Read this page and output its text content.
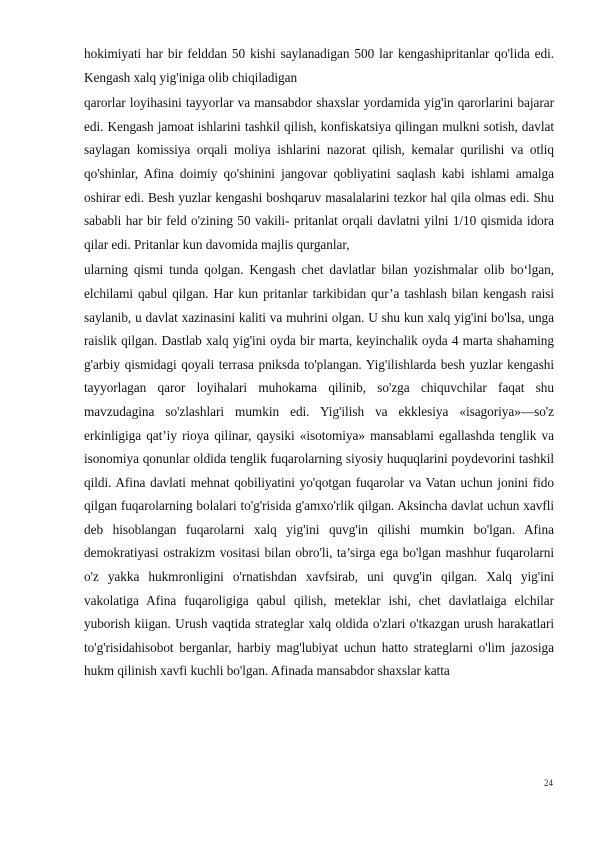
hokimiyati har bir felddan 50 kishi saylanadigan 500 lar kengashipritanlar qo'lida edi. Kengash xalq yig'iniga olib chiqiladigan

qarorlar loyihasini tayyorlar va mansabdor shaxslar yordamida yig'in qarorlarini bajarar edi. Kengash jamoat ishlarini tashkil qilish, konfiskatsiya qilingan mulkni sotish, davlat saylagan komissiya orqali moliya ishlarini nazorat qilish, kemalar qurilishi va otliq qo'shinlar, Afina doimiy qo'shinini jangovar qobliyatini saqlash kabi ishlami amalga oshirar edi. Besh yuzlar kengashi boshqaruv masalalarini tezkor hal qila olmas edi. Shu sababli har bir feld o'zining 50 vakili- pritanlat orqali davlatni yilni 1/10 qismida idora qilar edi. Pritanlar kun davomida majlis qurganlar,

ularning qismi tunda qolgan. Kengash chet davlatlar bilan yozishmalar olib bo‘lgan, elchilami qabul qilgan. Har kun pritanlar tarkibidan qur’a tashlash bilan kengash raisi saylanib, u davlat xazinasini kaliti va muhrini olgan. U shu kun xalq yig'ini bo'lsa, unga raislik qilgan. Dastlab xalq yig'ini oyda bir marta, keyinchalik oyda 4 marta shahaming g'arbiy qismidagi qoyali terrasa pniksda to'plangan. Yig'ilishlarda besh yuzlar kengashi tayyorlagan qaror loyihalari muhokama qilinib, so'zga chiquvchilar faqat shu mavzudagina so'zlashlari mumkin edi. Yig'ilish va ekklesiya «isagoriya»—so'z erkinligiga qat’iy rioya qilinar, qaysiki «isotomiya» mansablami egallashda tenglik va isonomiya qonunlar oldida tenglik fuqarolarning siyosiy huquqlarini poydevorini tashkil qildi. Afina davlati mehnat qobiliyatini yo'qotgan fuqarolar va Vatan uchun jonini fido qilgan fuqarolarning bolalari to'g'risida g'amxo'rlik qilgan. Aksincha davlat uchun xavfli deb hisoblangan fuqarolarni xalq yig'ini quvg'in qilishi mumkin bo'lgan. Afina demokratiyasi ostrakizm vositasi bilan obro'li, ta’sirga ega bo'lgan mashhur fuqarolarni o'z yakka hukmronligini o'rnatishdan xavfsirab, uni quvg'in qilgan. Xalq yig'ini vakolatiga Afina fuqaroligiga qabul qilish, meteklar ishi, chet davlatlaiga elchilar yuborish kiigan. Urush vaqtida strateglar xalq oldida o'zlari o'tkazgan urush harakatlari to'g'risidahisobot berganlar, harbiy mag'lubiyat uchun hatto strateglarni o'lim jazosiga hukm qilinish xavfi kuchli bo'lgan. Afinada mansabdor shaxslar katta

24
